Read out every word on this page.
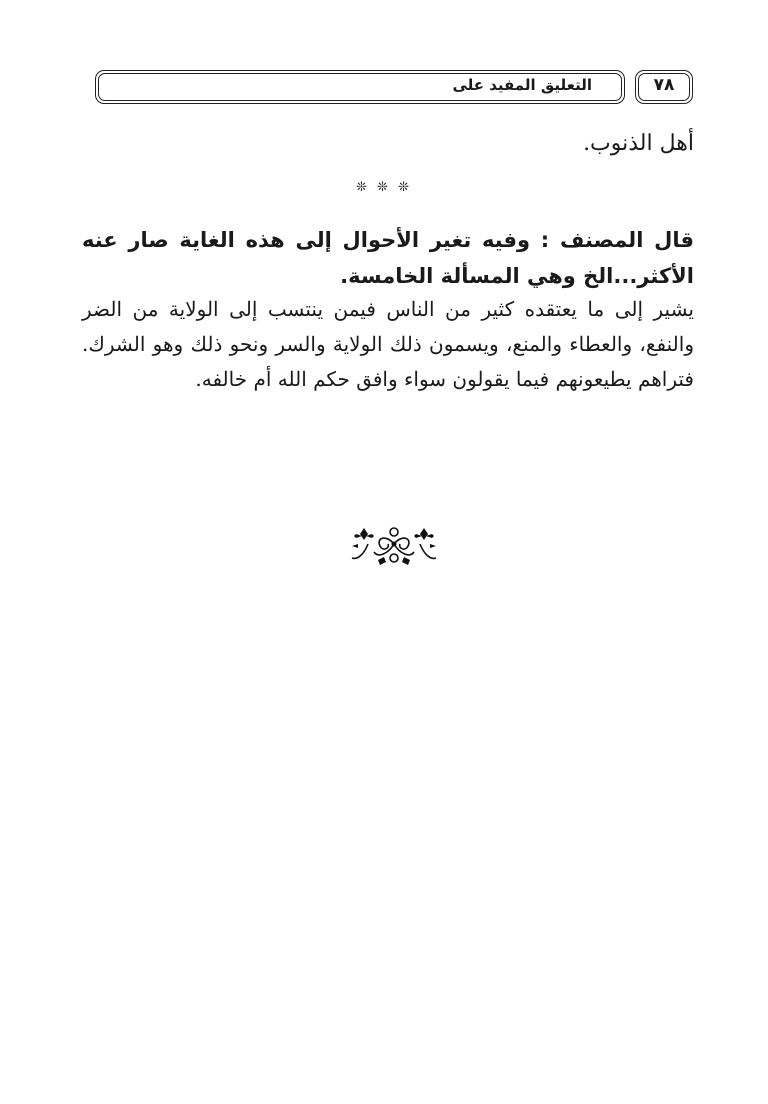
التعليق المفيد على	٧٨
أهل الذنوب.
❊ ❊ ❊
قال المصنف : وفيه تغير الأحوال إلى هذه الغاية صار عنه الأكثر...الخ وهي المسألة الخامسة.
يشير إلى ما يعتقده كثير من الناس فيمن ينتسب إلى الولاية من الضر والنفع، والعطاء والمنع، ويسمون ذلك الولاية والسر ونحو ذلك وهو الشرك. فتراهم يطيعونهم فيما يقولون سواء وافق حكم الله أم خالفه.
